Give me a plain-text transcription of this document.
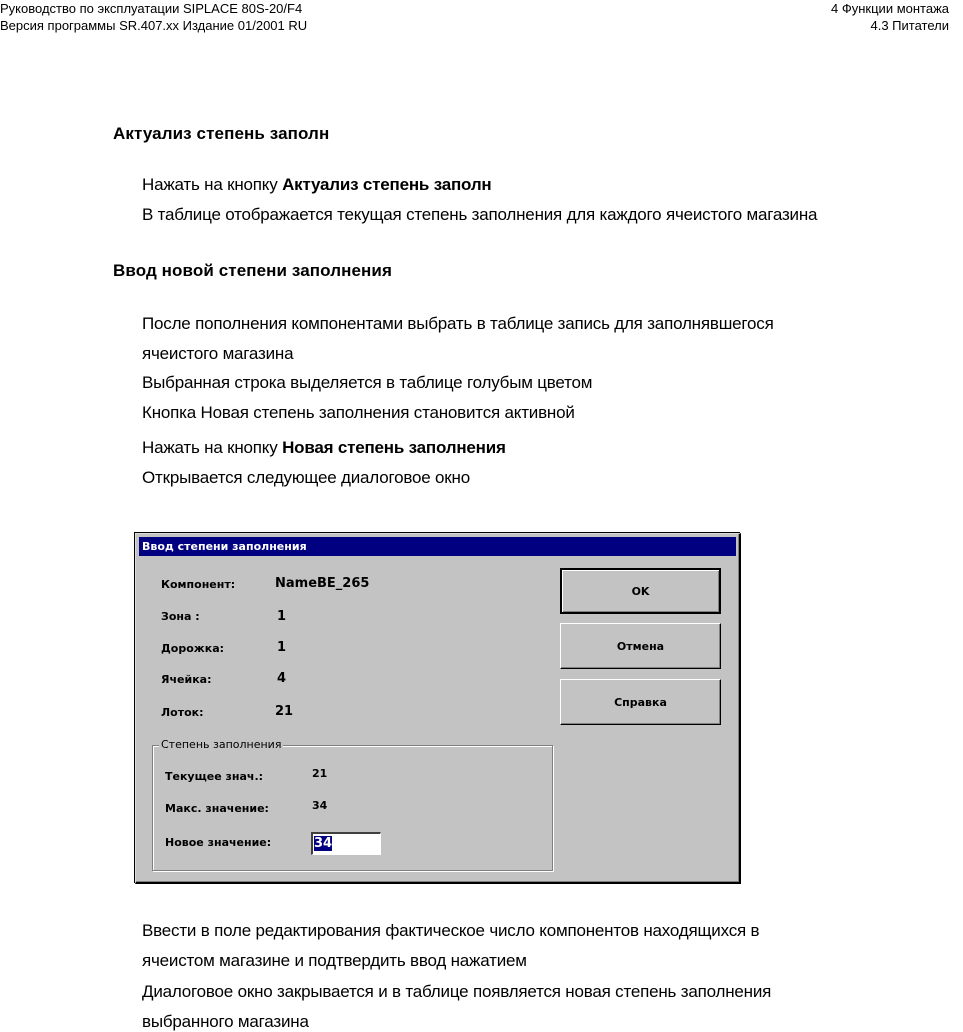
Руководство по эксплуатации SIPLACE 80S-20/F4
Версия программы SR.407.xx Издание 01/2001 RU
4 Функции монтажа
4.3 Питатели
Актуализ степень заполн
Нажать на кнопку Актуализ степень заполн
В таблице отображается текущая степень заполнения для каждого ячеистого магазина
Ввод новой степени заполнения
После пополнения компонентами выбрать в таблице запись для заполнявшегося
ячеистого магазина
Выбранная строка выделяется в таблице голубым цветом
Кнопка Новая степень заполнения становится активной
Нажать на кнопку Новая степень заполнения
Открывается следующее диалоговое окно
Ввод степени заполнения
Компонент:	NameBE_265
Зона :	1
Дорожка:	1
Ячейка:	4
Лоток:	21
Степень заполнения
Текущее знач.:	21
Макс. значение:	34
Новое значение:	34
OK
Отмена
Справка
Ввести в поле редактирования фактическое число компонентов находящихся в
ячеистом магазине и подтвердить ввод нажатием
Диалоговое окно закрывается и в таблице появляется новая степень заполнения
выбранного магазина
